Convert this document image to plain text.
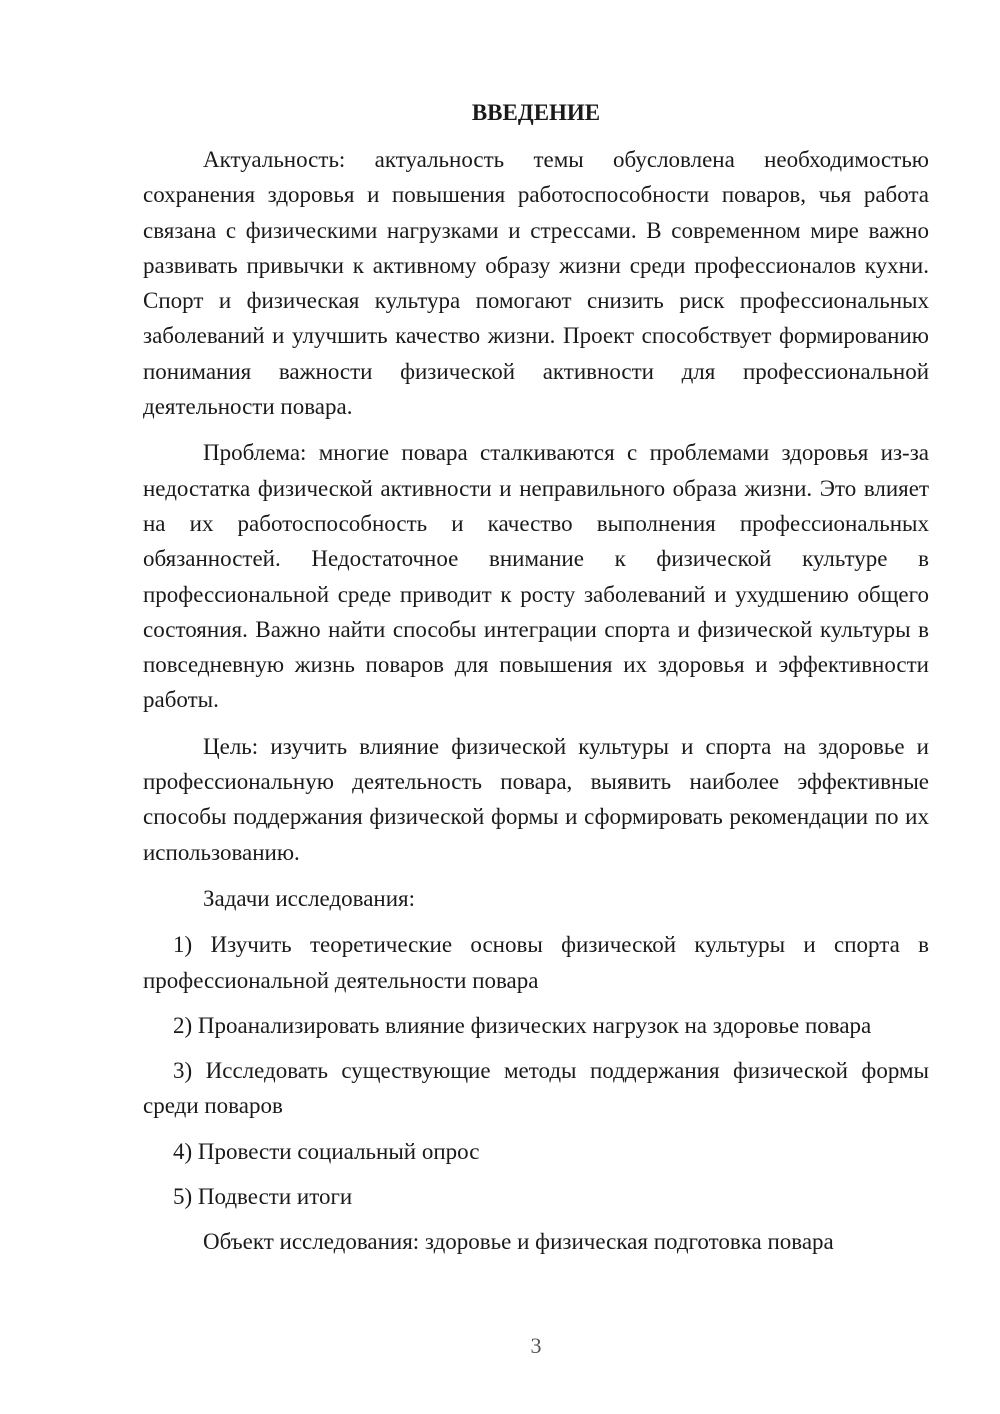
ВВЕДЕНИЕ

Актуальность: актуальность темы обусловлена необходимостью сохранения здоровья и повышения работоспособности поваров, чья работа связана с физическими нагрузками и стрессами. В современном мире важно развивать привычки к активному образу жизни среди профессионалов кухни. Спорт и физическая культура помогают снизить риск профессиональных заболеваний и улучшить качество жизни. Проект способствует формированию понимания важности физической активности для профессиональной деятельности повара.

Проблема: многие повара сталкиваются с проблемами здоровья из-за недостатка физической активности и неправильного образа жизни. Это влияет на их работоспособность и качество выполнения профессиональных обязанностей. Недостаточное внимание к физической культуре в профессиональной среде приводит к росту заболеваний и ухудшению общего состояния. Важно найти способы интеграции спорта и физической культуры в повседневную жизнь поваров для повышения их здоровья и эффективности работы.

Цель: изучить влияние физической культуры и спорта на здоровье и профессиональную деятельность повара, выявить наиболее эффективные способы поддержания физической формы и сформировать рекомендации по их использованию.

Задачи исследования:

1) Изучить теоретические основы физической культуры и спорта в профессиональной деятельности повара

2) Проанализировать влияние физических нагрузок на здоровье повара

3) Исследовать существующие методы поддержания физической формы среди поваров

4) Провести социальный опрос

5) Подвести итоги

Объект исследования: здоровье и физическая подготовка повара

3
